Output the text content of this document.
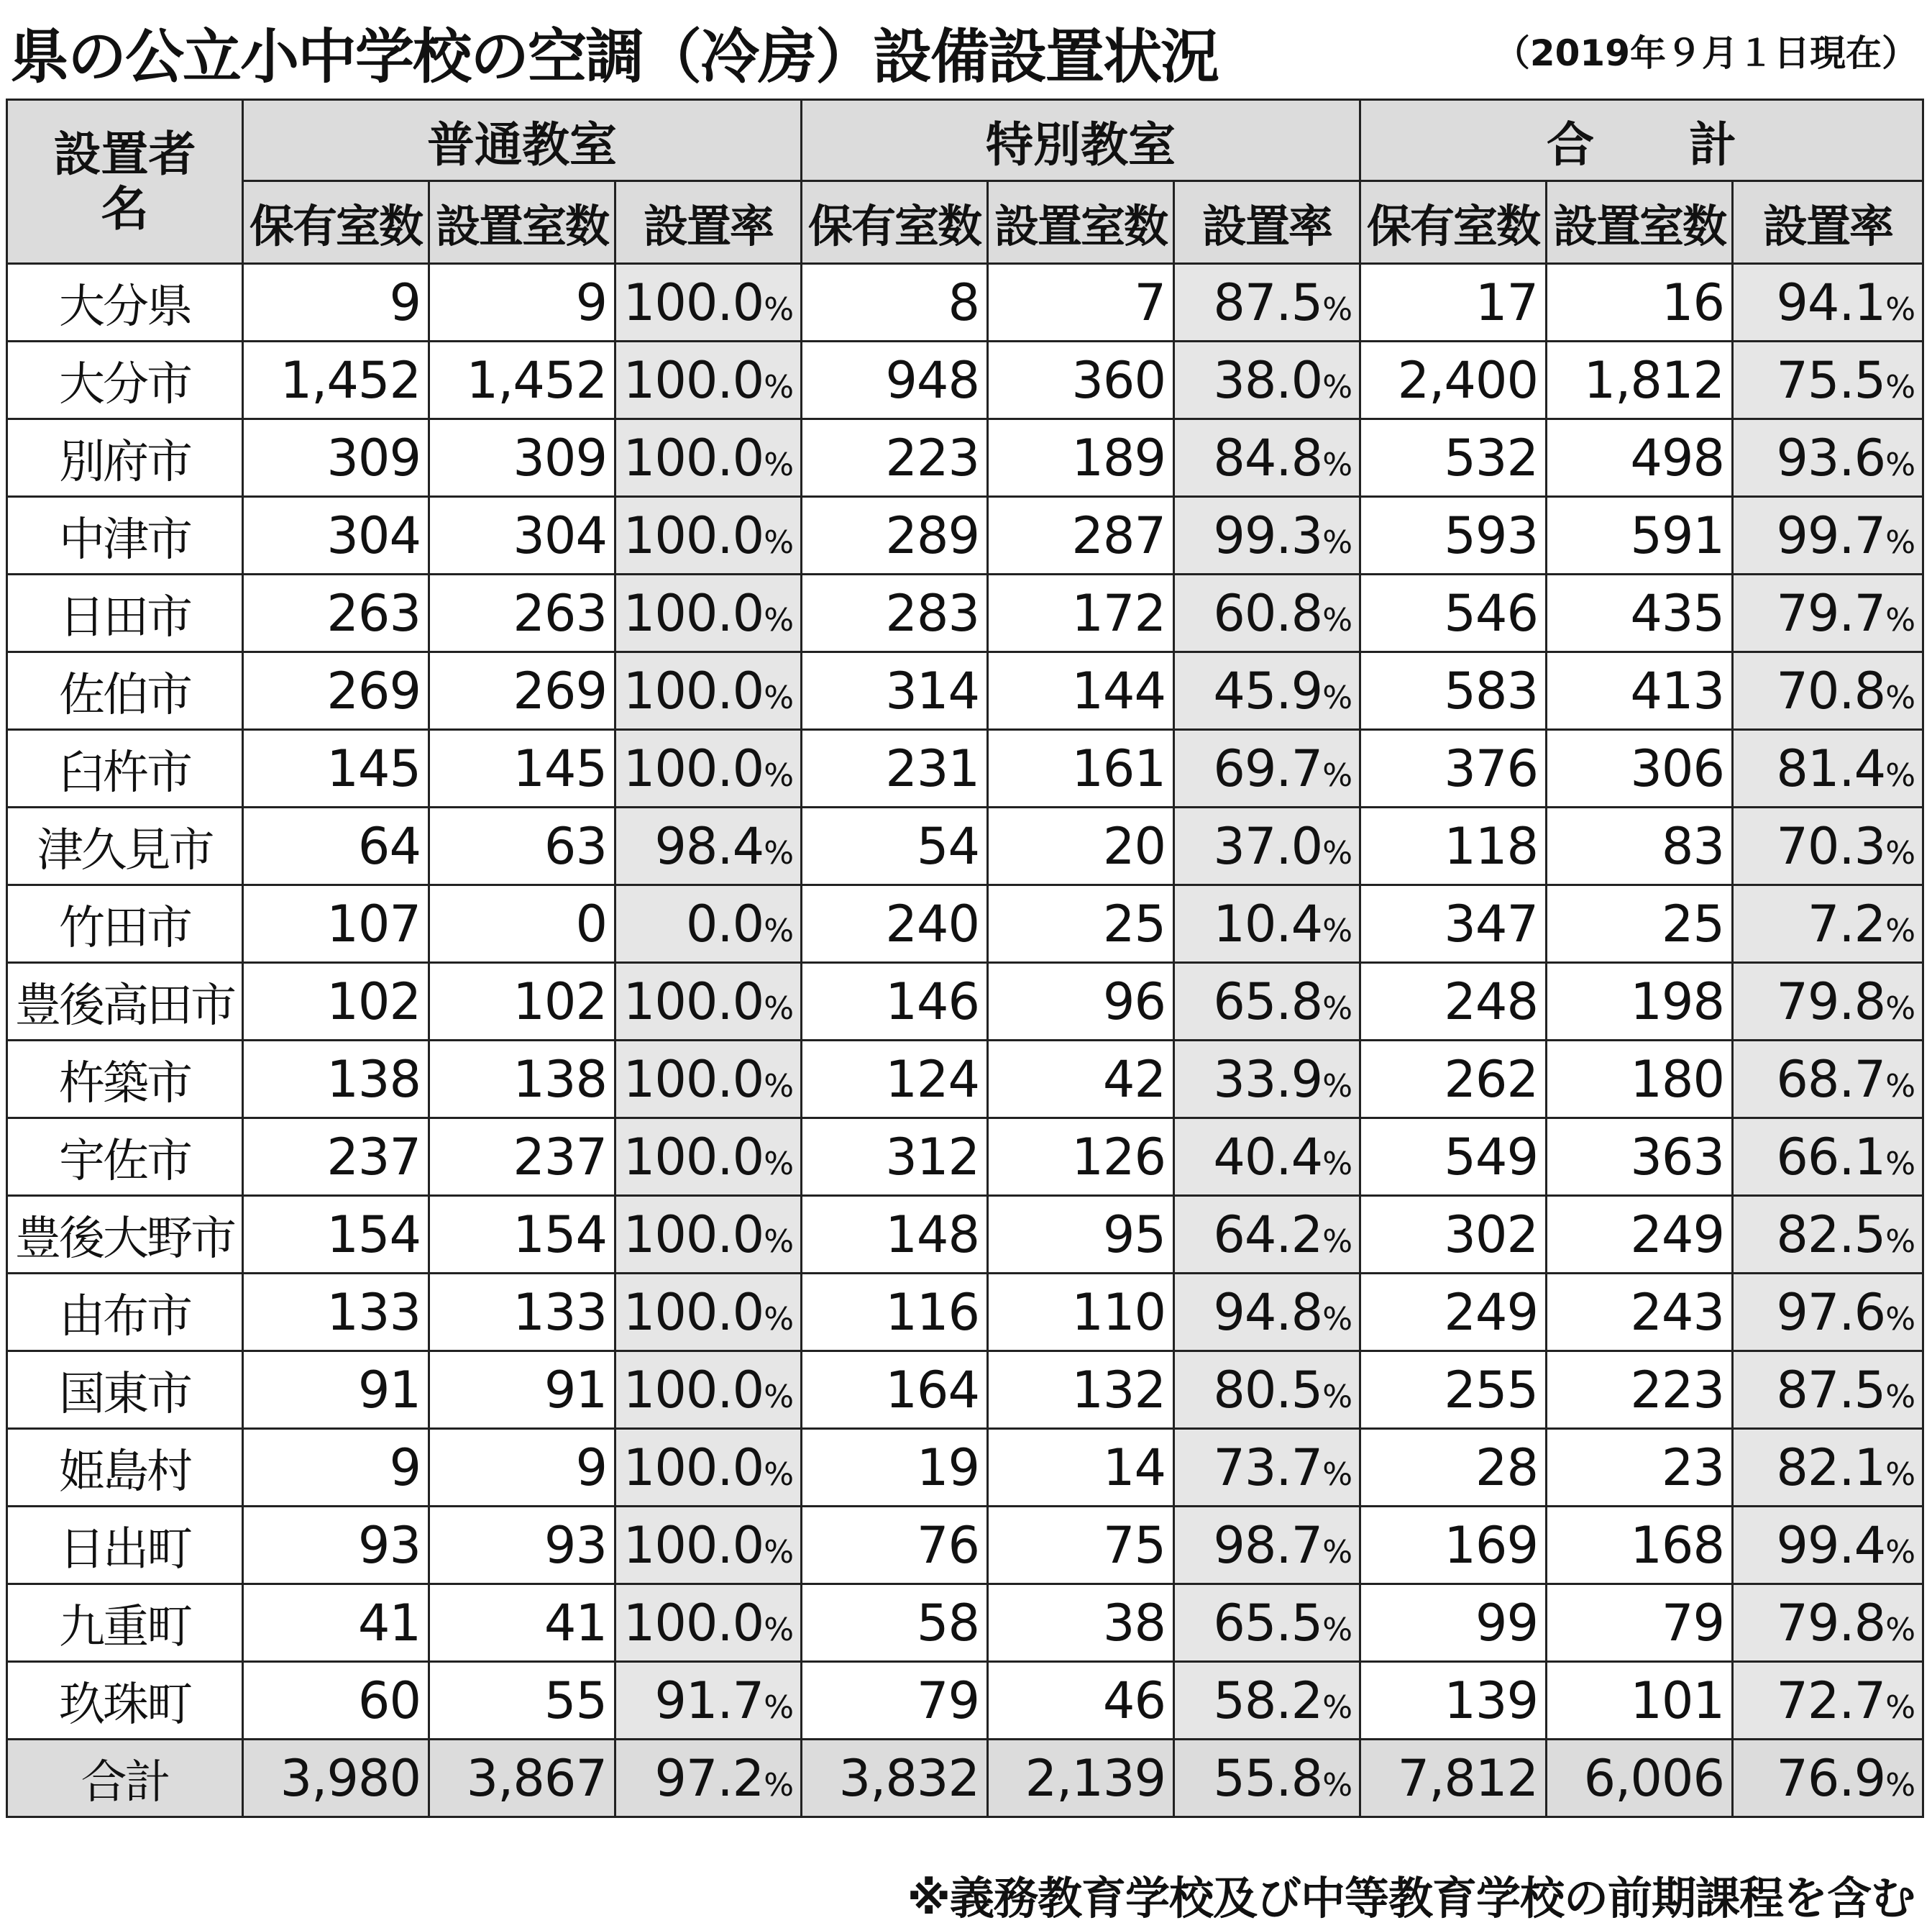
県の公立小中学校の空調（冷房）設備設置状況	（2019年９月１日現在）
設置者
名	普通教室			特別教室			合　　計		
	保有室数	設置室数	設置率	保有室数	設置室数	設置率	保有室数	設置室数	設置率
大分県	9	9	100.0%	8	7	87.5%	17	16	94.1%
大分市	1,452	1,452	100.0%	948	360	38.0%	2,400	1,812	75.5%
別府市	309	309	100.0%	223	189	84.8%	532	498	93.6%
中津市	304	304	100.0%	289	287	99.3%	593	591	99.7%
日田市	263	263	100.0%	283	172	60.8%	546	435	79.7%
佐伯市	269	269	100.0%	314	144	45.9%	583	413	70.8%
臼杵市	145	145	100.0%	231	161	69.7%	376	306	81.4%
津久見市	64	63	98.4%	54	20	37.0%	118	83	70.3%
竹田市	107	0	0.0%	240	25	10.4%	347	25	7.2%
豊後高田市	102	102	100.0%	146	96	65.8%	248	198	79.8%
杵築市	138	138	100.0%	124	42	33.9%	262	180	68.7%
宇佐市	237	237	100.0%	312	126	40.4%	549	363	66.1%
豊後大野市	154	154	100.0%	148	95	64.2%	302	249	82.5%
由布市	133	133	100.0%	116	110	94.8%	249	243	97.6%
国東市	91	91	100.0%	164	132	80.5%	255	223	87.5%
姫島村	9	9	100.0%	19	14	73.7%	28	23	82.1%
日出町	93	93	100.0%	76	75	98.7%	169	168	99.4%
九重町	41	41	100.0%	58	38	65.5%	99	79	79.8%
玖珠町	60	55	91.7%	79	46	58.2%	139	101	72.7%
合計	3,980	3,867	97.2%	3,832	2,139	55.8%	7,812	6,006	76.9%
※義務教育学校及び中等教育学校の前期課程を含む
